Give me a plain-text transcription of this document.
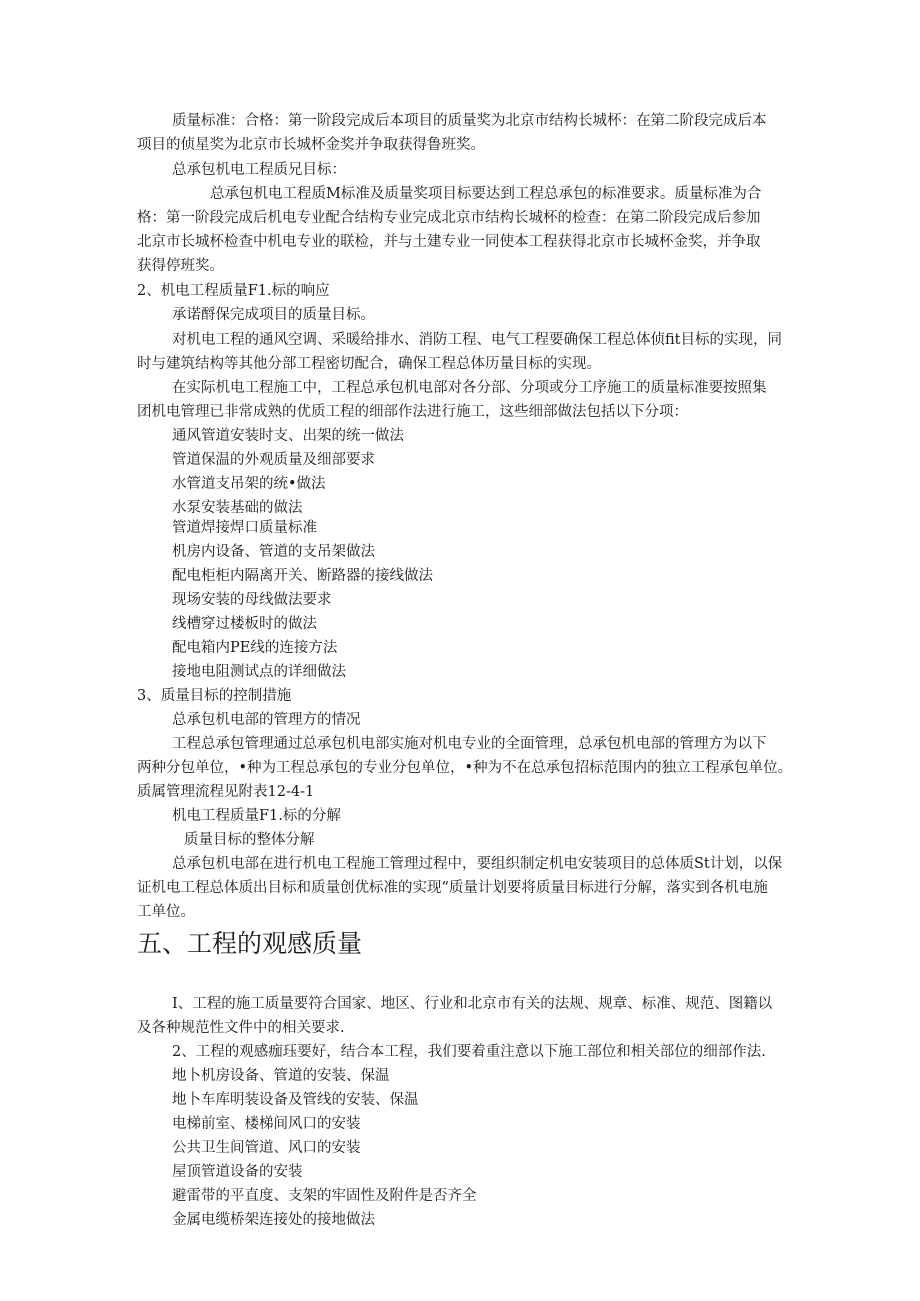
质量标准：合格：第一阶段完成后本项目的质量奖为北京市结构长城杯：在第二阶段完成后本
项目的侦星奖为北京市长城杯金奖并争取获得鲁班奖。
总承包机电工程质兄目标：
总承包机电工程质M标准及质量奖项目标要达到工程总承包的标准要求。质量标准为合
格：第一阶段完成后机电专业配合结构专业完成北京市结构长城杯的检查：在第二阶段完成后参加
北京市长城杯检查中机电专业的联检，并与土建专业一同使本工程获得北京市长城杯金奖，并争取
获得停班奖。
2、机电工程质量F1.标的响应
承诺酹保完成项目的质量目标。
对机电工程的通风空调、采暖给排水、消防工程、电气工程要确保工程总体侦fit目标的实现，同
时与建筑结构等其他分部工程密切配合，确保工程总体历量目标的实现。
在实际机电工程施工中，工程总承包机电部对各分部、分项或分工序施工的质量标准要按照集
团机电管理已非常成熟的优质工程的细部作法进行施工，这些细部做法包括以下分项：
通风管道安装时支、出架的统一做法
管道保温的外观质量及细部要求
水管道支吊架的统•做法
水泵安装基础的做法
管道焊接焊口质量标准
机房内设备、管道的支吊架做法
配电柜柜内隔离开关、断路器的接线做法
现场安装的母线做法要求
线槽穿过楼板时的做法
配电箱内PE线的连接方法
接地电阻测试点的详细做法
3、质量目标的控制措施
总承包机电部的管理方的情况
工程总承包管理通过总承包机电部实施对机电专业的全面管理，总承包机电部的管理方为以下
两种分包单位，•种为工程总承包的专业分包单位，•种为不在总承包招标范围内的独立工程承包单位。
质属管理流程见附表12-4-1
机电工程质量F1.标的分解
质量目标的整体分解
总承包机电部在进行机电工程施工管理过程中，要组织制定机电安装项目的总体质St计划，以保
证机电工程总体质出目标和质量创优标准的实现“质量计划要将质量目标进行分解，落实到各机电施
工单位。
五、工程的观感质量
I、工程的施工质量要符合国家、地区、行业和北京市有关的法规、规章、标准、规范、图籍以
及各种规范性文件中的相关要求.
2、工程的观感痂珏要好，结合本工程，我们要着重注意以下施工部位和相关部位的细部作法.
地卜机房设备、管道的安装、保温
地卜车库明装设备及管线的安装、保温
电梯前室、楼梯间风口的安装
公共卫生间管道、风口的安装
屋顶管道设备的安装
避雷带的平直度、支架的牢固性及附件是否齐全
金属电缆桥架连接处的接地做法
